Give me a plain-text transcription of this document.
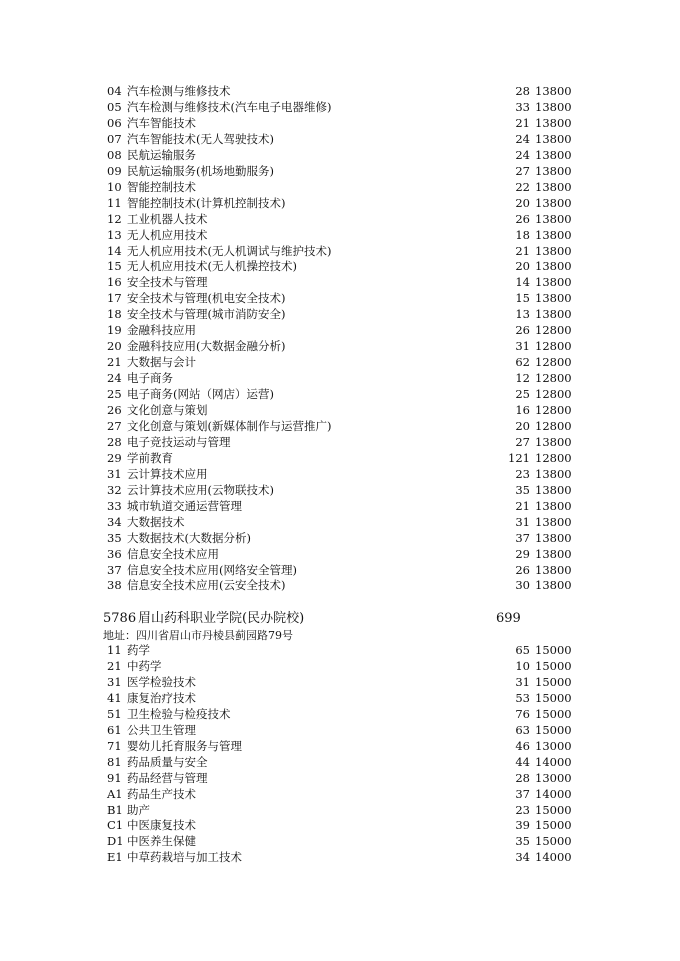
04 汽车检测与维修技术	28 13800
05 汽车检测与维修技术(汽车电子电器维修)	33 13800
06 汽车智能技术	21 13800
07 汽车智能技术(无人驾驶技术)	24 13800
08 民航运输服务	24 13800
09 民航运输服务(机场地勤服务)	27 13800
10 智能控制技术	22 13800
11 智能控制技术(计算机控制技术)	20 13800
12 工业机器人技术	26 13800
13 无人机应用技术	18 13800
14 无人机应用技术(无人机调试与维护技术)	21 13800
15 无人机应用技术(无人机操控技术)	20 13800
16 安全技术与管理	14 13800
17 安全技术与管理(机电安全技术)	15 13800
18 安全技术与管理(城市消防安全)	13 13800
19 金融科技应用	26 12800
20 金融科技应用(大数据金融分析)	31 12800
21 大数据与会计	62 12800
24 电子商务	12 12800
25 电子商务(网站（网店）运营)	25 12800
26 文化创意与策划	16 12800
27 文化创意与策划(新媒体制作与运营推广)	20 12800
28 电子竞技运动与管理	27 13800
29 学前教育	121 12800
31 云计算技术应用	23 13800
32 云计算技术应用(云物联技术)	35 13800
33 城市轨道交通运营管理	21 13800
34 大数据技术	31 13800
35 大数据技术(大数据分析)	37 13800
36 信息安全技术应用	29 13800
37 信息安全技术应用(网络安全管理)	26 13800
38 信息安全技术应用(云安全技术)	30 13800
5786 眉山药科职业学院(民办院校)	699
地址：四川省眉山市丹棱县蓟园路79号
11 药学	65 15000
21 中药学	10 15000
31 医学检验技术	31 15000
41 康复治疗技术	53 15000
51 卫生检验与检疫技术	76 15000
61 公共卫生管理	63 15000
71 婴幼儿托育服务与管理	46 13000
81 药品质量与安全	44 14000
91 药品经营与管理	28 13000
A1 药品生产技术	37 14000
B1 助产	23 15000
C1 中医康复技术	39 15000
D1 中医养生保健	35 15000
E1 中草药栽培与加工技术	34 14000
